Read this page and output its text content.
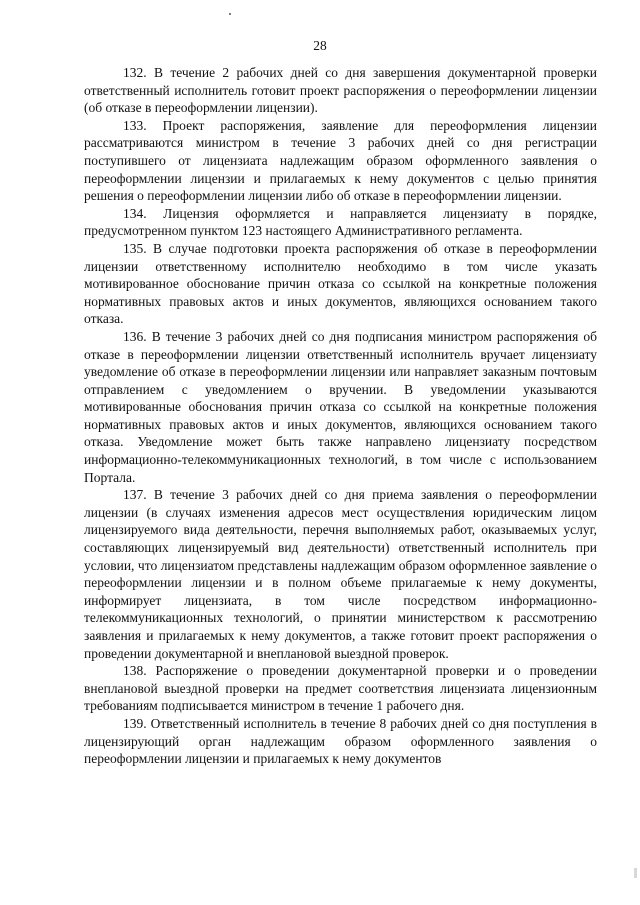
28

132. В течение 2 рабочих дней со дня завершения документарной проверки ответственный исполнитель готовит проект распоряжения о переоформлении лицензии (об отказе в переоформлении лицензии).

133. Проект распоряжения, заявление для переоформления лицензии рассматриваются министром в течение 3 рабочих дней со дня регистрации поступившего от лицензиата надлежащим образом оформленного заявления о переоформлении лицензии и прилагаемых к нему документов с целью принятия решения о переоформлении лицензии либо об отказе в переоформлении лицензии.

134. Лицензия оформляется и направляется лицензиату в порядке, предусмотренном пунктом 123 настоящего Административного регламента.

135. В случае подготовки проекта распоряжения об отказе в переоформлении лицензии ответственному исполнителю необходимо в том числе указать мотивированное обоснование причин отказа со ссылкой на конкретные положения нормативных правовых актов и иных документов, являющихся основанием такого отказа.

136. В течение 3 рабочих дней со дня подписания министром распоряжения об отказе в переоформлении лицензии ответственный исполнитель вручает лицензиату уведомление об отказе в переоформлении лицензии или направляет заказным почтовым отправлением с уведомлением о вручении. В уведомлении указываются мотивированные обоснования причин отказа со ссылкой на конкретные положения нормативных правовых актов и иных документов, являющихся основанием такого отказа. Уведомление может быть также направлено лицензиату посредством информационно-телекоммуникационных технологий, в том числе с использованием Портала.

137. В течение 3 рабочих дней со дня приема заявления о переоформлении лицензии (в случаях изменения адресов мест осуществления юридическим лицом лицензируемого вида деятельности, перечня выполняемых работ, оказываемых услуг, составляющих лицензируемый вид деятельности) ответственный исполнитель при условии, что лицензиатом представлены надлежащим образом оформленное заявление о переоформлении лицензии и в полном объеме прилагаемые к нему документы, информирует лицензиата, в том числе посредством информационно-телекоммуникационных технологий, о принятии министерством к рассмотрению заявления и прилагаемых к нему документов, а также готовит проект распоряжения о проведении документарной и внеплановой выездной проверок.

138. Распоряжение о проведении документарной проверки и о проведении внеплановой выездной проверки на предмет соответствия лицензиата лицензионным требованиям подписывается министром в течение 1 рабочего дня.

139. Ответственный исполнитель в течение 8 рабочих дней со дня поступления в лицензирующий орган надлежащим образом оформленного заявления о переоформлении лицензии и прилагаемых к нему документов
